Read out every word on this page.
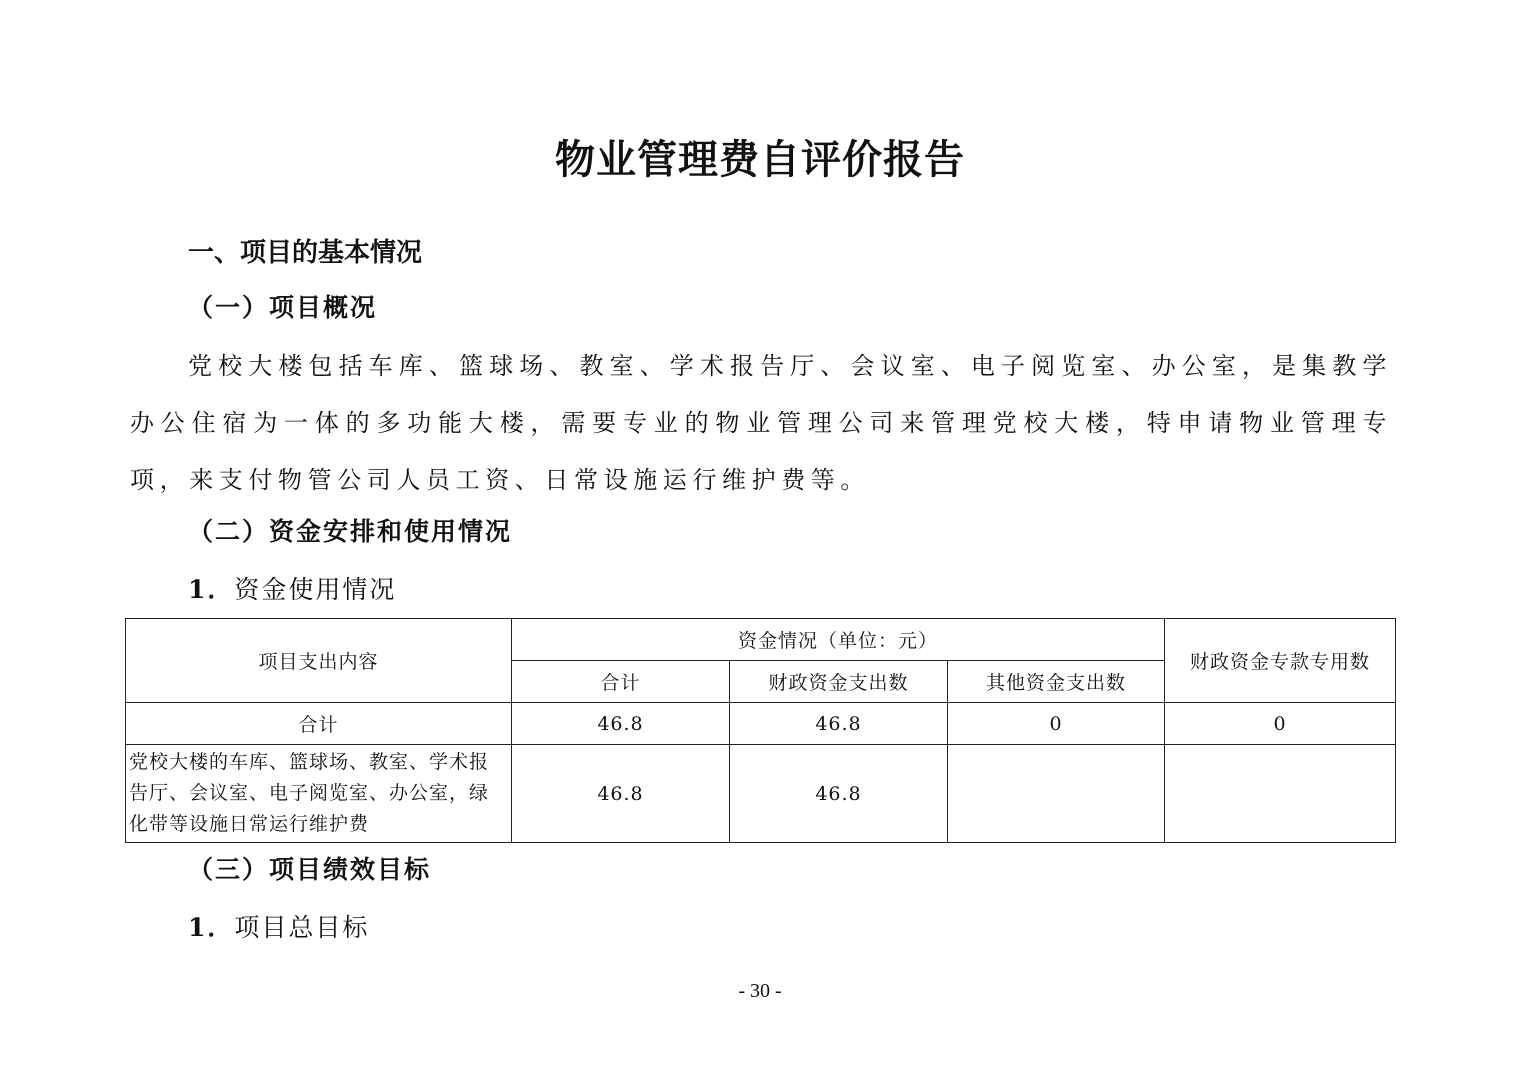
物业管理费自评价报告
一、项目的基本情况
（一）项目概况

党校大楼包括车库、篮球场、教室、学术报告厅、会议室、电子阅览室、办公室，是集教学办公住宿为一体的多功能大楼，需要专业的物业管理公司来管理党校大楼，特申请物业管理专项，来支付物管公司人员工资、日常设施运行维护费等。

（二）资金安排和使用情况
1．资金使用情况
项目支出内容	资金情况（单位：元）			财政资金专款专用数
	合计	财政资金支出数	其他资金支出数	
合计	46.8	46.8	0	0
党校大楼的车库、篮球场、教室、学术报告厅、会议室、电子阅览室、办公室，绿化带等设施日常运行维护费	46.8	46.8		
（三）项目绩效目标
1．项目总目标
- 30 -
